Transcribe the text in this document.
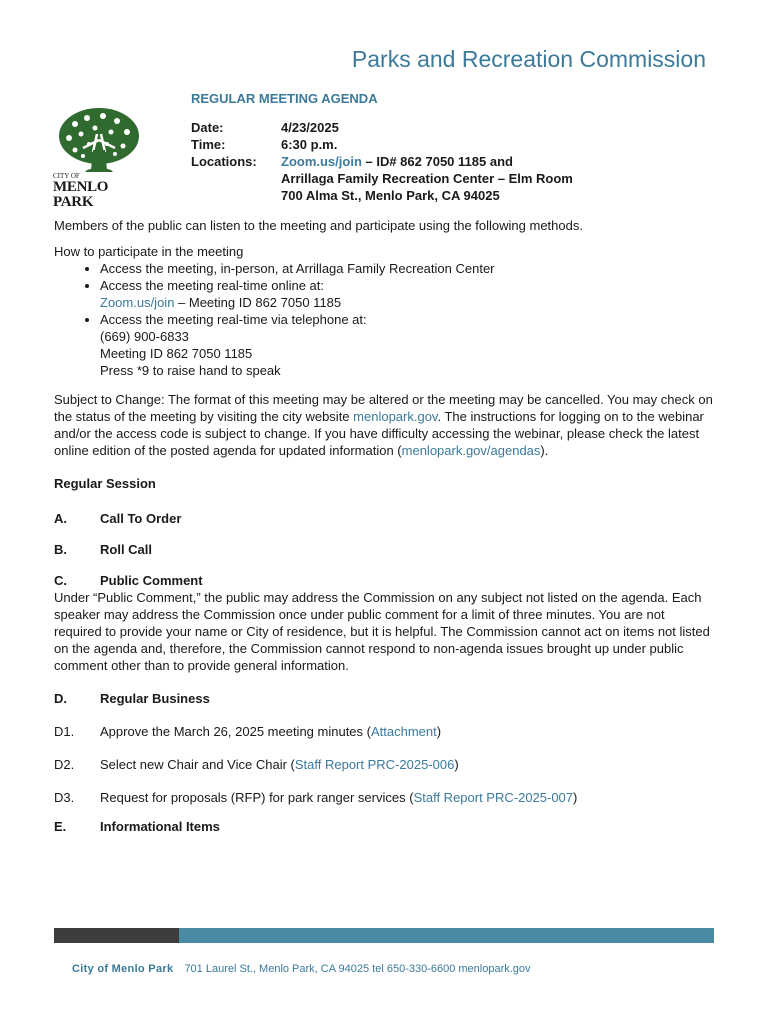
Parks and Recreation Commission
CITY OF
MENLO PARK
REGULAR MEETING AGENDA
Date:	4/23/2025
Time:	6:30 p.m.
Locations:	Zoom.us/join – ID# 862 7050 1185 and
Arrillaga Family Recreation Center – Elm Room
700 Alma St., Menlo Park, CA 94025

Members of the public can listen to the meeting and participate using the following methods.

How to participate in the meeting

• Access the meeting, in-person, at Arrillaga Family Recreation Center
• Access the meeting real-time online at:
Zoom.us/join – Meeting ID 862 7050 1185
• Access the meeting real-time via telephone at:
(669) 900-6833
Meeting ID 862 7050 1185
Press *9 to raise hand to speak

Subject to Change: The format of this meeting may be altered or the meeting may be cancelled. You may check on the status of the meeting by visiting the city website menlopark.gov. The instructions for logging on to the webinar and/or the access code is subject to change. If you have difficulty accessing the webinar, please check the latest online edition of the posted agenda for updated information (menlopark.gov/agendas).

Regular Session

A.	Call To Order
B.	Roll Call
C.	Public Comment

Under “Public Comment,” the public may address the Commission on any subject not listed on the agenda. Each speaker may address the Commission once under public comment for a limit of three minutes. You are not required to provide your name or City of residence, but it is helpful. The Commission cannot act on items not listed on the agenda and, therefore, the Commission cannot respond to non-agenda issues brought up under public comment other than to provide general information.

D.	Regular Business
D1.	Approve the March 26, 2025 meeting minutes (Attachment)
D2.	Select new Chair and Vice Chair (Staff Report PRC-2025-006)
D3.	Request for proposals (RFP) for park ranger services (Staff Report PRC-2025-007)
E.	Informational Items
City of Menlo Park 701 Laurel St., Menlo Park, CA 94025 tel 650-330-6600 menlopark.gov
